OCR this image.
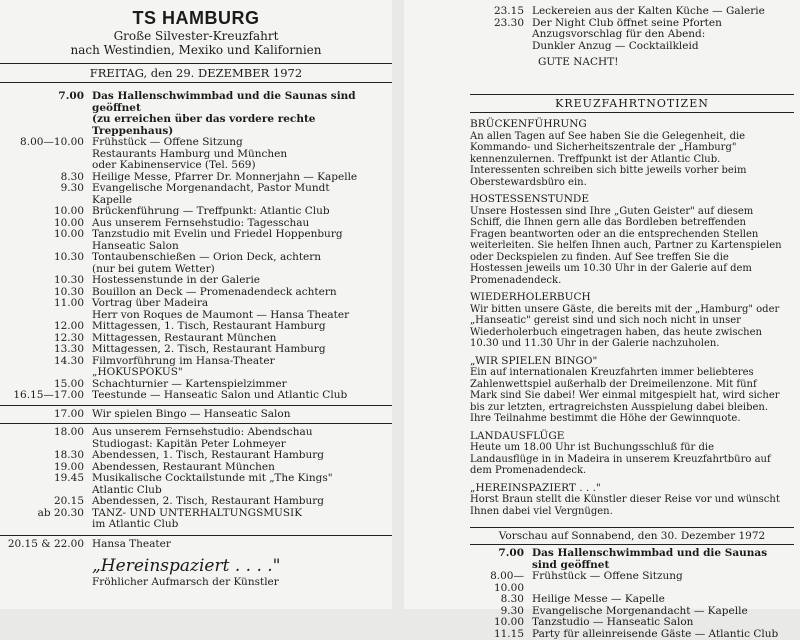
TS HAMBURG
Große Silvester-Kreuzfahrt
nach Westindien, Mexiko und Kalifornien
FREITAG, den 29. DEZEMBER 1972
7.00 Das Hallenschwimmbad und die Saunas sind geöffnet
(zu erreichen über das vordere rechte Treppenhaus)
8.00—10.00 Frühstück — Offene Sitzung
Restaurants Hamburg und München
oder Kabinenservice (Tel. 569)
8.30 Heilige Messe, Pfarrer Dr. Monnerjahn — Kapelle
9.30 Evangelische Morgenandacht, Pastor Mundt
Kapelle
10.00 Brückenführung — Treffpunkt: Atlantic Club
10.00 Aus unserem Fernsehstudio: Tagesschau
10.00 Tanzstudio mit Evelin und Friedel Hoppenburg
Hanseatic Salon
10.30 Tontaubenschießen — Orion Deck, achtern
(nur bei gutem Wetter)
10.30 Hostessenstunde in der Galerie
10.30 Bouillon an Deck — Promenadendeck achtern
11.00 Vortrag über Madeira
Herr von Roques de Maumont — Hansa Theater
12.00 Mittagessen, 1. Tisch, Restaurant Hamburg
12.30 Mittagessen, Restaurant München
13.30 Mittagessen, 2. Tisch, Restaurant Hamburg
14.30 Filmvorführung im Hansa-Theater
„HOKUSPOKUS"
15.00 Schachturnier — Kartenspielzimmer
16.15—17.00 Teestunde — Hanseatic Salon und Atlantic Club
17.00 Wir spielen Bingo — Hanseatic Salon
18.00 Aus unserem Fernsehstudio: Abendschau
Studiogast: Kapitän Peter Lohmeyer
18.30 Abendessen, 1. Tisch, Restaurant Hamburg
19.00 Abendessen, Restaurant München
19.45 Musikalische Cocktailstunde mit „The Kings"
Atlantic Club
20.15 Abendessen, 2. Tisch, Restaurant Hamburg
ab 20.30 TANZ- UND UNTERHALTUNGSMUSIK
im Atlantic Club
20.15 & 22.00 Hansa Theater
„Hereinspaziert . . . ."
Fröhlicher Aufmarsch der Künstler
23.15 Leckereien aus der Kalten Küche — Galerie
23.30 Der Night Club öffnet seine Pforten
Anzugsvorschlag für den Abend:
Dunkler Anzug — Cocktailkleid
GUTE NACHT!
KREUZFAHRTNOTIZEN
BRÜCKENFÜHRUNG
An allen Tagen auf See haben Sie die Gelegenheit, die Kommando- und Sicherheitszentrale der „Hamburg" kennenzulernen. Treffpunkt ist der Atlantic Club. Interessenten schreiben sich bitte jeweils vorher beim Oberstewardsbüro ein.
HOSTESSENSTUNDE
Unsere Hostessen sind Ihre „Guten Geister" auf diesem Schiff, die Ihnen gern alle das Bordleben betreffenden Fragen beantworten oder an die entsprechenden Stellen weiterleiten. Sie helfen Ihnen auch, Partner zu Kartenspielen oder Deckspielen zu finden. Auf See treffen Sie die Hostessen jeweils um 10.30 Uhr in der Galerie auf dem Promenadendeck.
WIEDERHOLERBUCH
Wir bitten unsere Gäste, die bereits mit der „Hamburg" oder „Hanseatic" gereist sind und sich noch nicht in unser Wiederholerbuch eingetragen haben, das heute zwischen 10.30 und 11.30 Uhr in der Galerie nachzuholen.
„WIR SPIELEN BINGO"
Ein auf internationalen Kreuzfahrten immer beliebteres Zahlenwettspiel außerhalb der Dreimeilenzone. Mit fünf Mark sind Sie dabei! Wer einmal mitgespielt hat, wird sicher bis zur letzten, ertragreichsten Ausspielung dabei bleiben. Ihre Teilnahme bestimmt die Höhe der Gewinnquote.
LANDAUSFLÜGE
Heute um 18.00 Uhr ist Buchungsschluß für die Landausflüge in in Madeira in unserem Kreuzfahrtbüro auf dem Promenadendeck.
„HEREINSPAZIERT . . ."
Horst Braun stellt die Künstler dieser Reise vor und wünscht Ihnen dabei viel Vergnügen.
Vorschau auf Sonnabend, den 30. Dezember 1972
7.00 Das Hallenschwimmbad und die Saunas sind geöffnet
8.00—10.00
Frühstück — Offene Sitzung
8.30 Heilige Messe — Kapelle
9.30 Evangelische Morgenandacht — Kapelle
10.00 Tanzstudio — Hanseatic Salon
11.15 Party für alleinreisende Gäste — Atlantic Club
